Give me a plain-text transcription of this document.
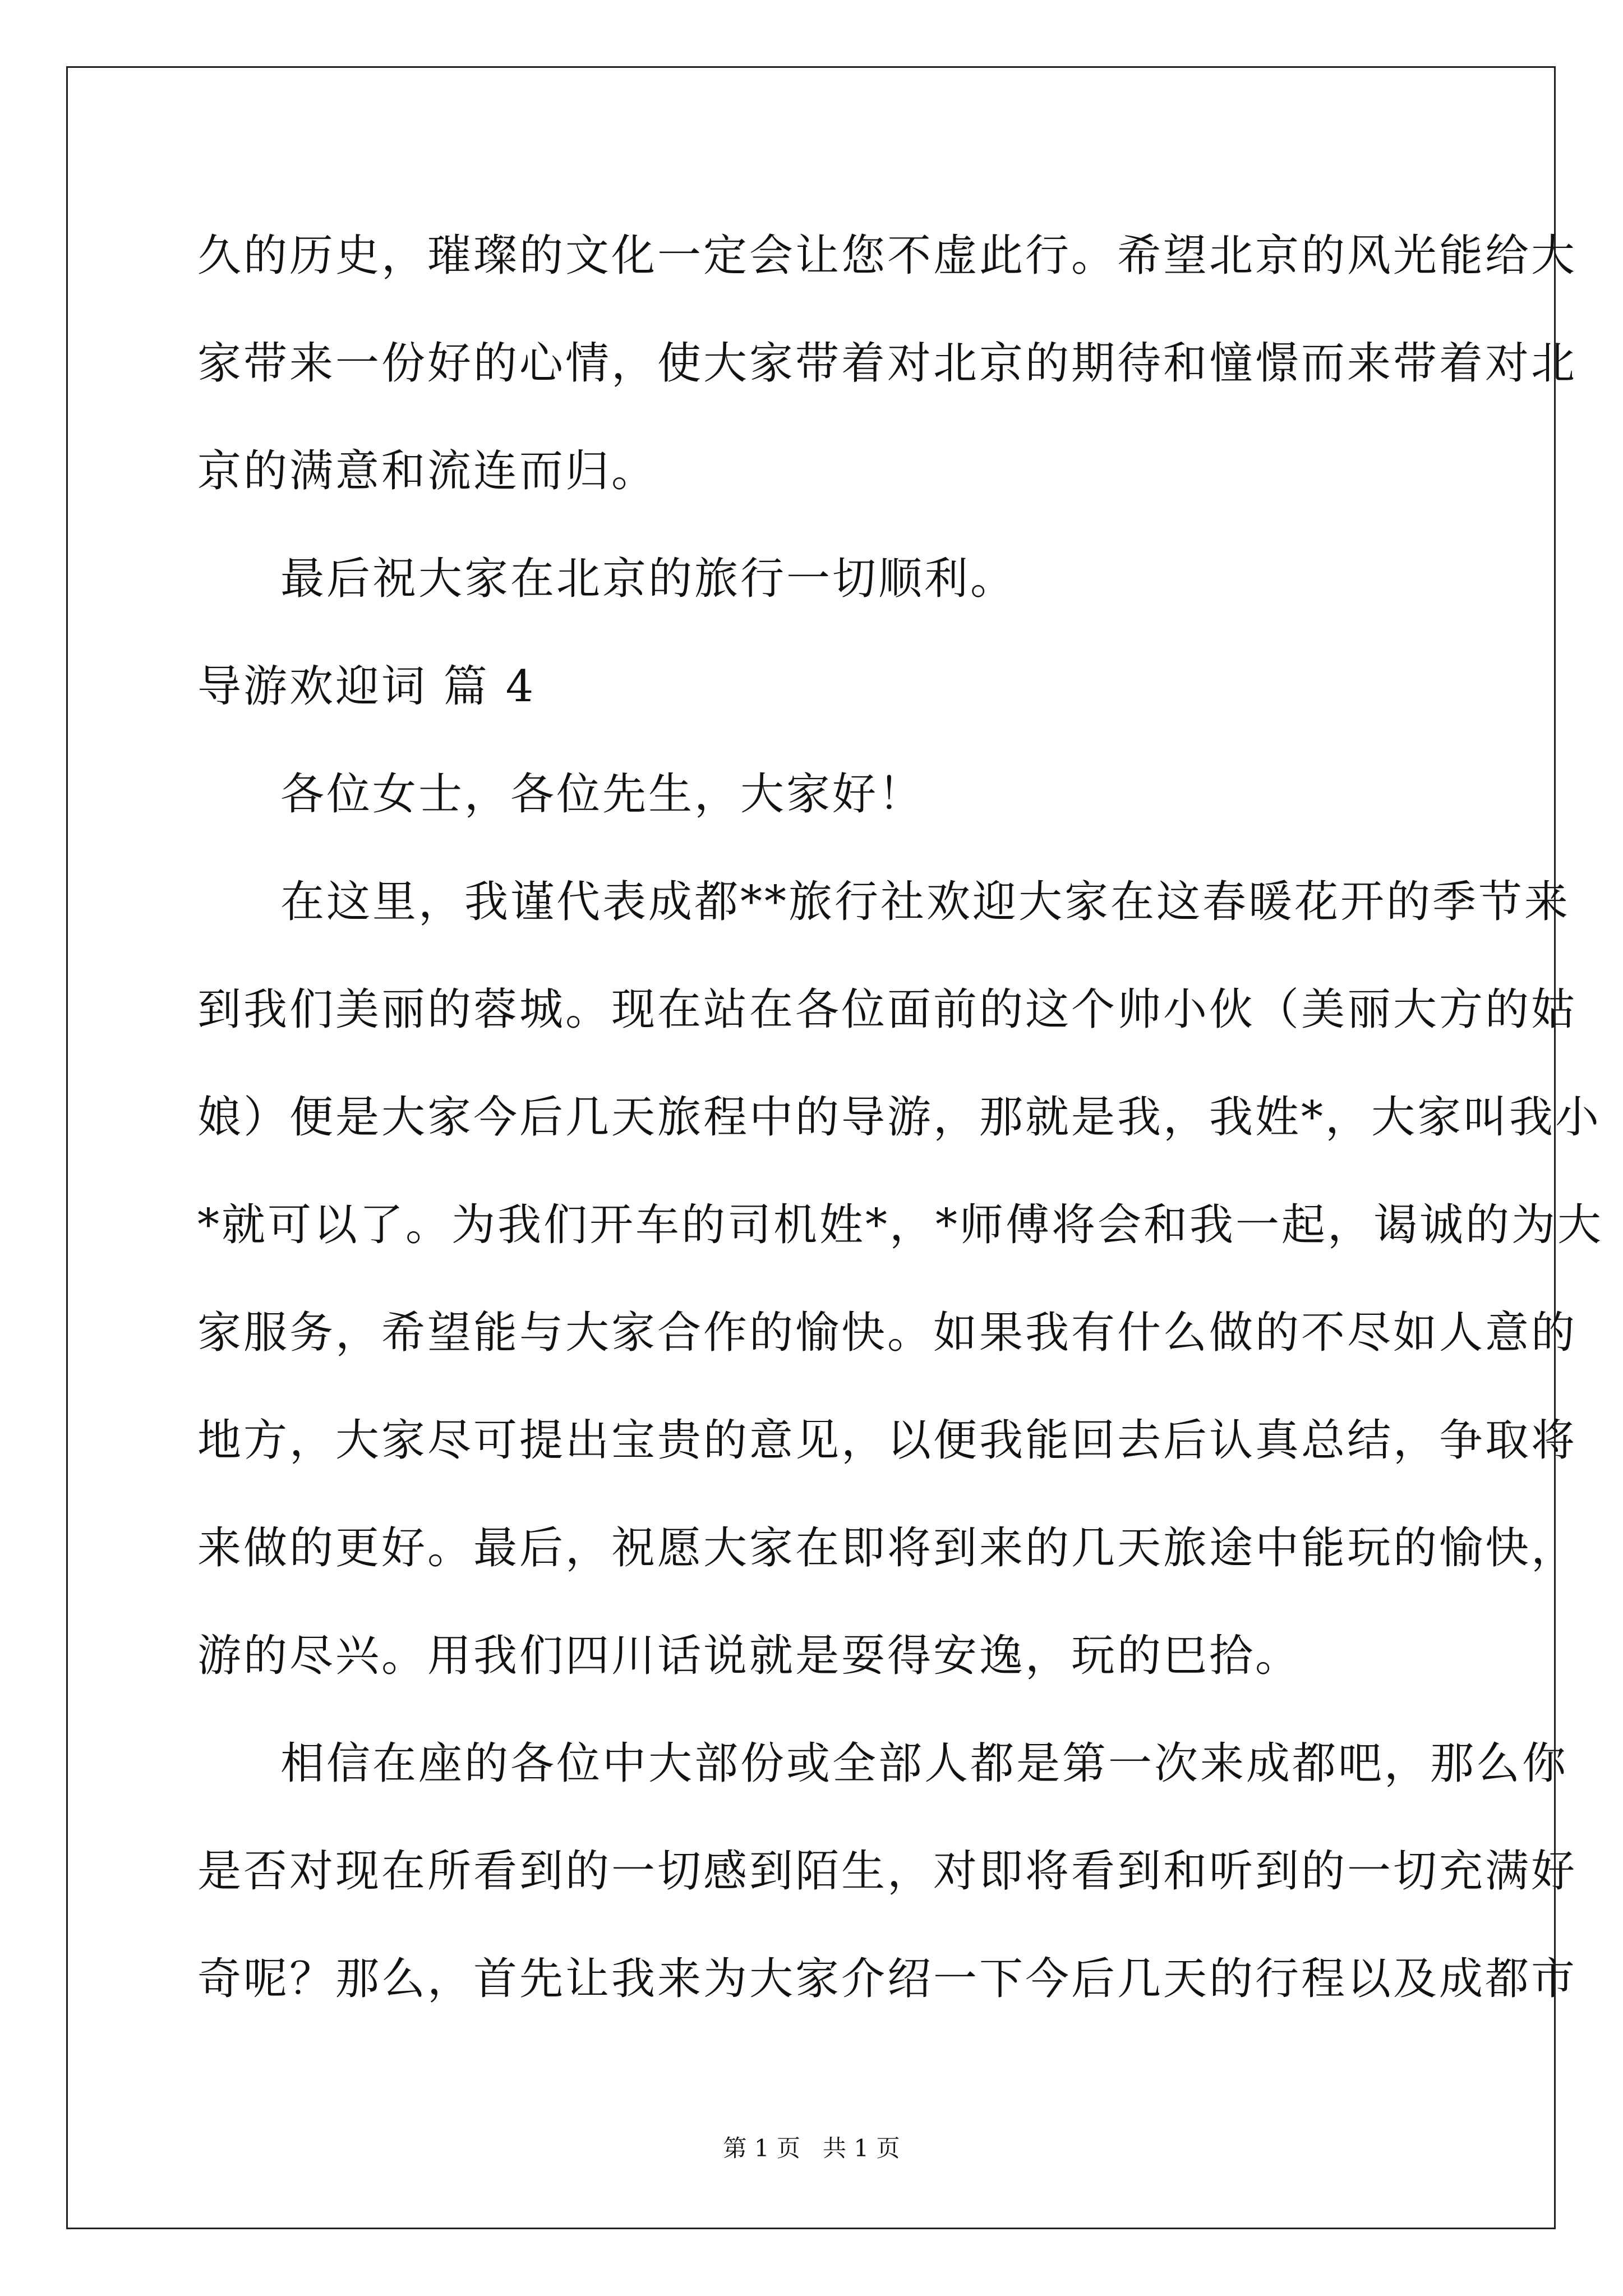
久的历史，璀璨的文化一定会让您不虚此行。希望北京的风光能给大
家带来一份好的心情，使大家带着对北京的期待和憧憬而来带着对北
京的满意和流连而归。
最后祝大家在北京的旅行一切顺利。
导游欢迎词 篇 4
各位女士，各位先生，大家好！
在这里，我谨代表成都**旅行社欢迎大家在这春暖花开的季节来
到我们美丽的蓉城。现在站在各位面前的这个帅小伙（美丽大方的姑
娘）便是大家今后几天旅程中的导游，那就是我，我姓*，大家叫我小
*就可以了。为我们开车的司机姓*，*师傅将会和我一起，谒诚的为大
家服务，希望能与大家合作的愉快。如果我有什么做的不尽如人意的
地方，大家尽可提出宝贵的意见，以便我能回去后认真总结，争取将
来做的更好。最后，祝愿大家在即将到来的几天旅途中能玩的愉快，
游的尽兴。用我们四川话说就是耍得安逸，玩的巴拾。
相信在座的各位中大部份或全部人都是第一次来成都吧，那么你
是否对现在所看到的一切感到陌生，对即将看到和听到的一切充满好
奇呢？那么，首先让我来为大家介绍一下今后几天的行程以及成都市
第 1 页   共 1 页
